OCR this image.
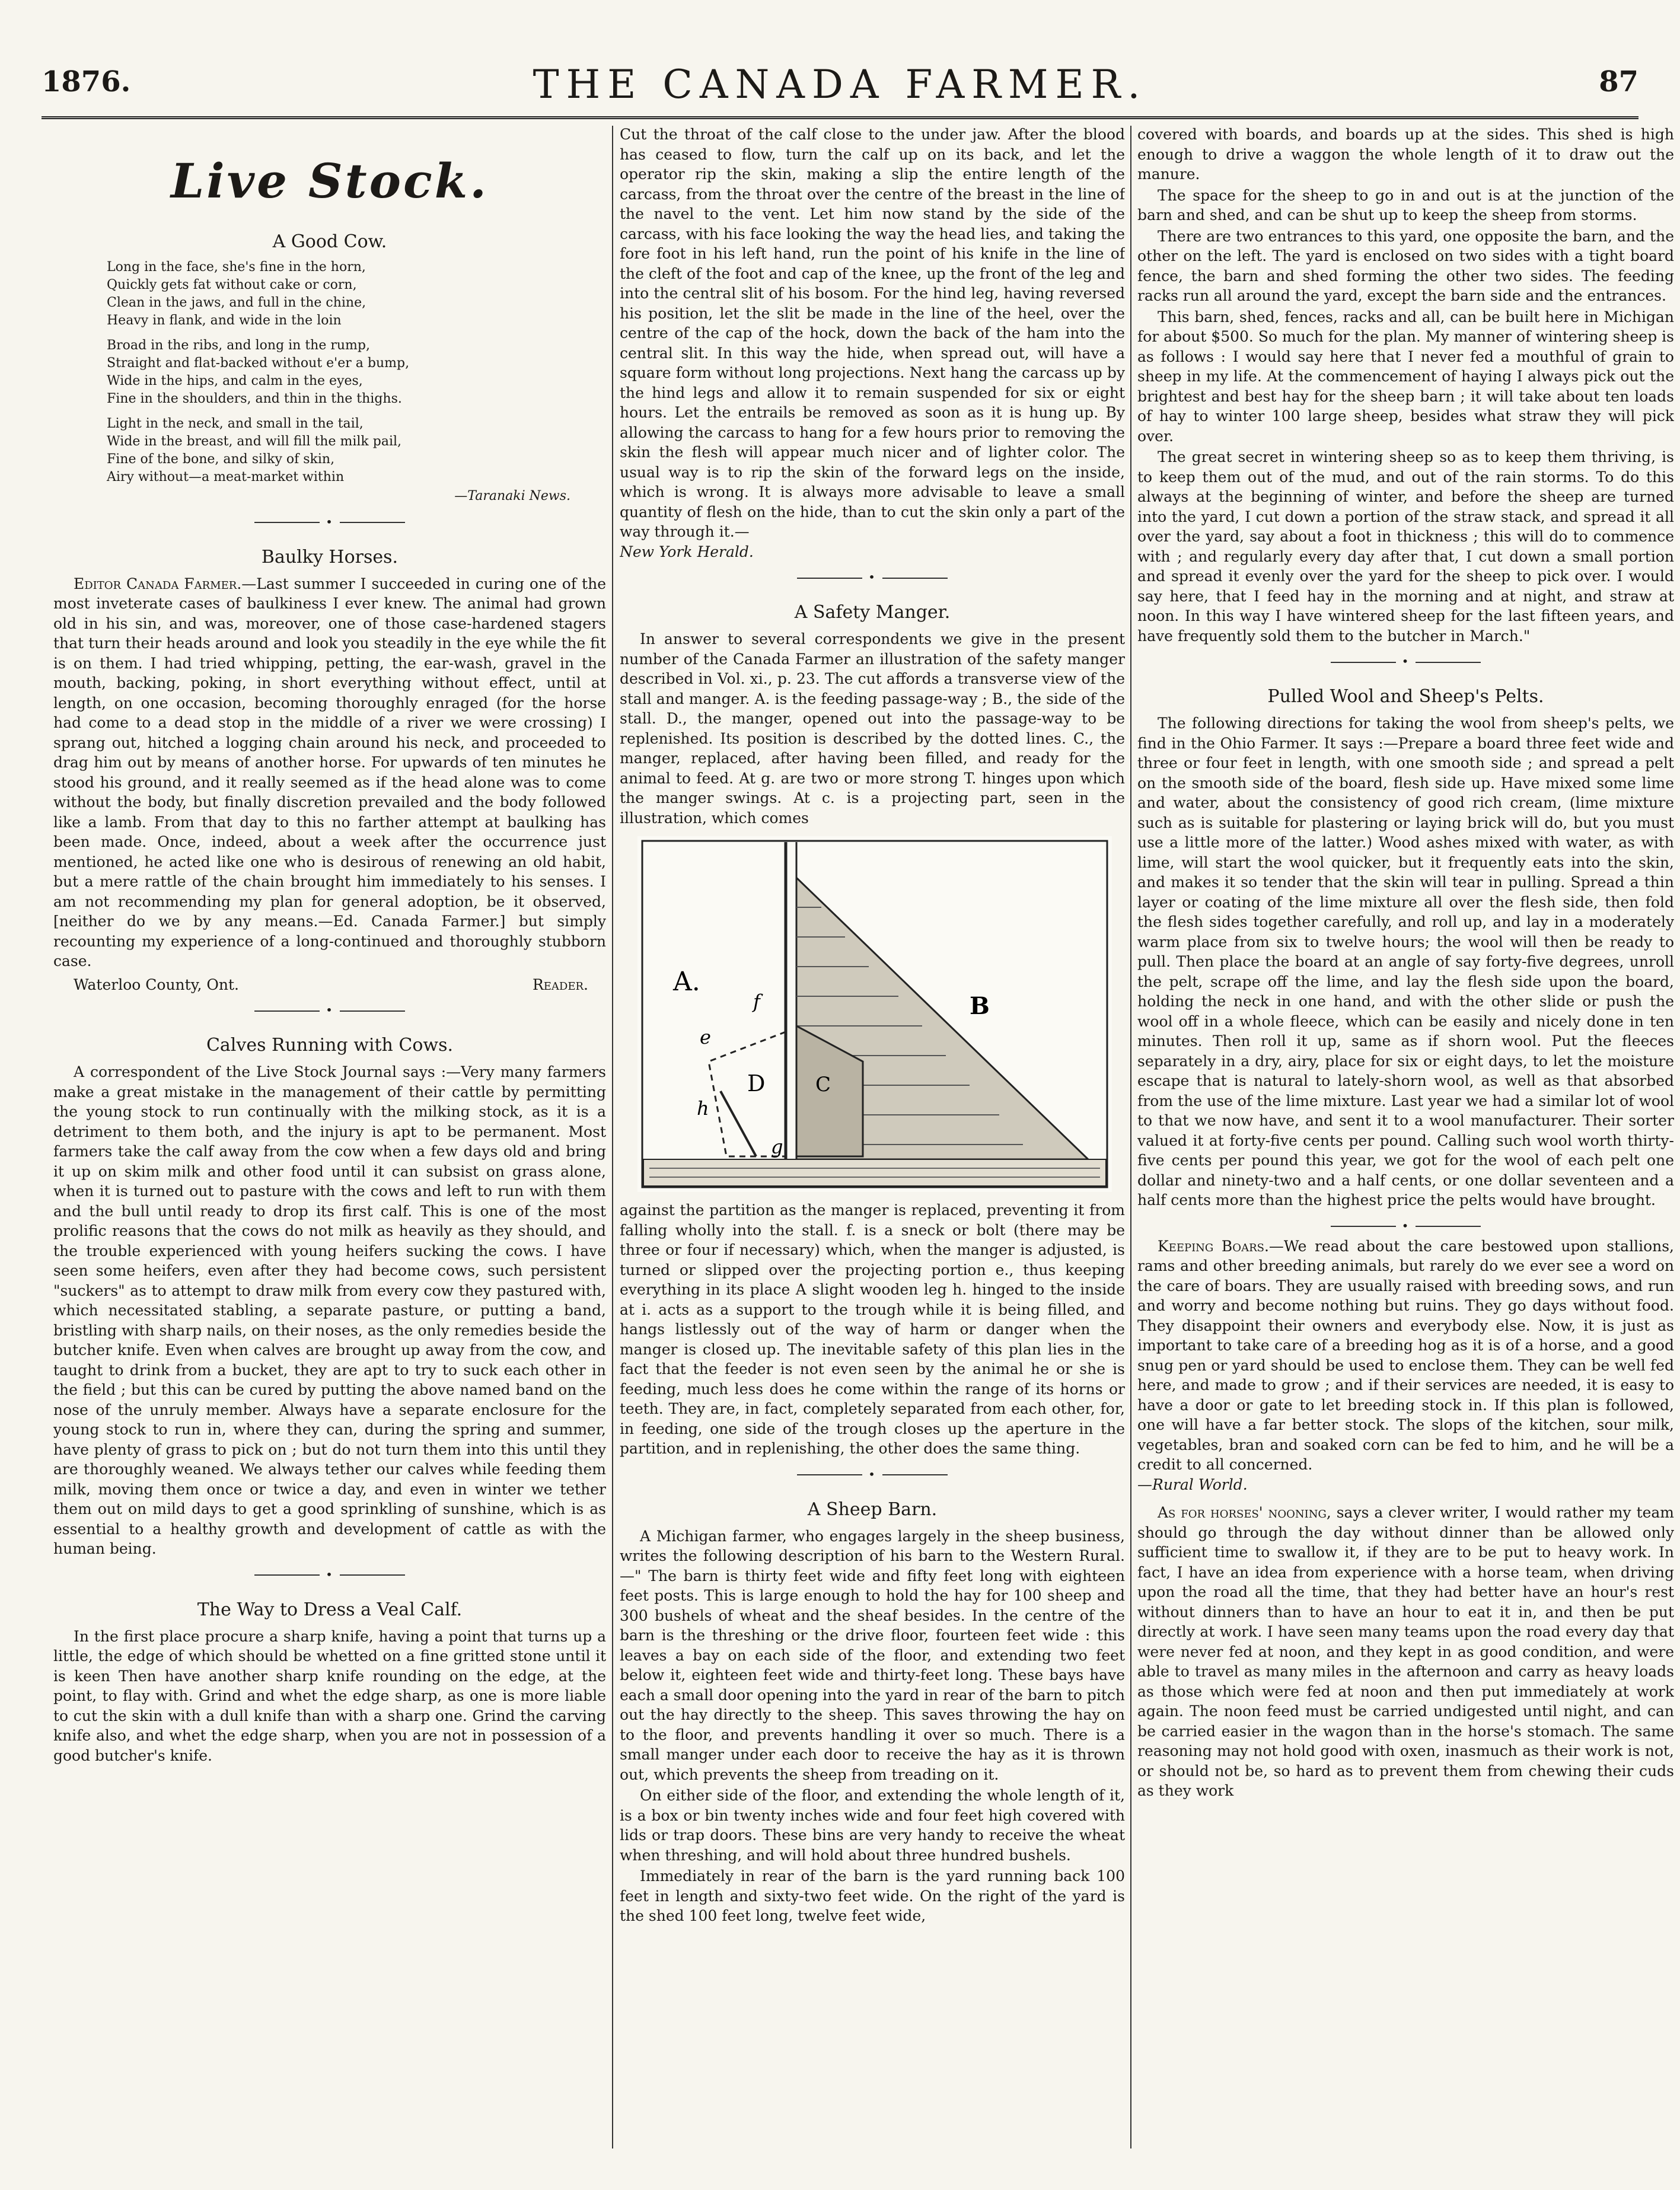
1876.	THE CANADA FARMER.	87
Live Stock.
A Good Cow.
Long in the face, she's fine in the horn,
Quickly gets fat without cake or corn,
Clean in the jaws, and full in the chine,
Heavy in flank, and wide in the loin
Broad in the ribs, and long in the rump,
Straight and flat-backed without e'er a bump,
Wide in the hips, and calm in the eyes,
Fine in the shoulders, and thin in the thighs.
Light in the neck, and small in the tail,
Wide in the breast, and will fill the milk pail,
Fine of the bone, and silky of skin,
Airy without—a meat-market within
—Taranaki News.
•
Baulky Horses.

Editor Canada Farmer.—Last summer I succeeded in curing one of the most inveterate cases of baulkiness I ever knew. The animal had grown old in his sin, and was, moreover, one of those case-hardened stagers that turn their heads around and look you steadily in the eye while the fit is on them. I had tried whipping, petting, the ear-wash, gravel in the mouth, backing, poking, in short everything without effect, until at length, on one occasion, becoming thoroughly enraged (for the horse had come to a dead stop in the middle of a river we were crossing) I sprang out, hitched a logging chain around his neck, and proceeded to drag him out by means of another horse. For upwards of ten minutes he stood his ground, and it really seemed as if the head alone was to come without the body, but finally discretion prevailed and the body followed like a lamb. From that day to this no farther attempt at baulking has been made. Once, indeed, about a week after the occurrence just mentioned, he acted like one who is desirous of renewing an old habit, but a mere rattle of the chain brought him immediately to his senses. I am not recommending my plan for general adoption, be it observed, [neither do we by any means.—Ed. Canada Farmer.] but simply recounting my experience of a long-continued and thoroughly stubborn case.

Waterloo County, Ont.	Reader.
•
Calves Running with Cows.

A correspondent of the Live Stock Journal says :—Very many farmers make a great mistake in the management of their cattle by permitting the young stock to run continually with the milking stock, as it is a detriment to them both, and the injury is apt to be permanent. Most farmers take the calf away from the cow when a few days old and bring it up on skim milk and other food until it can subsist on grass alone, when it is turned out to pasture with the cows and left to run with them and the bull until ready to drop its first calf. This is one of the most prolific reasons that the cows do not milk as heavily as they should, and the trouble experienced with young heifers sucking the cows. I have seen some heifers, even after they had become cows, such persistent "suckers" as to attempt to draw milk from every cow they pastured with, which necessitated stabling, a separate pasture, or putting a band, bristling with sharp nails, on their noses, as the only remedies beside the butcher knife. Even when calves are brought up away from the cow, and taught to drink from a bucket, they are apt to try to suck each other in the field ; but this can be cured by putting the above named band on the nose of the unruly member. Always have a separate enclosure for the young stock to run in, where they can, during the spring and summer, have plenty of grass to pick on ; but do not turn them into this until they are thoroughly weaned. We always tether our calves while feeding them milk, moving them once or twice a day, and even in winter we tether them out on mild days to get a good sprinkling of sunshine, which is as essential to a healthy growth and development of cattle as with the human being.

•
The Way to Dress a Veal Calf.

In the first place procure a sharp knife, having a point that turns up a little, the edge of which should be whetted on a fine gritted stone until it is keen Then have another sharp knife rounding on the edge, at the point, to flay with. Grind and whet the edge sharp, as one is more liable to cut the skin with a dull knife than with a sharp one. Grind the carving knife also, and whet the edge sharp, when you are not in possession of a good butcher's knife.

Cut the throat of the calf close to the under jaw. After the blood has ceased to flow, turn the calf up on its back, and let the operator rip the skin, making a slip the entire length of the carcass, from the throat over the centre of the breast in the line of the navel to the vent. Let him now stand by the side of the carcass, with his face looking the way the head lies, and taking the fore foot in his left hand, run the point of his knife in the line of the cleft of the foot and cap of the knee, up the front of the leg and into the central slit of his bosom. For the hind leg, having reversed his position, let the slit be made in the line of the heel, over the centre of the cap of the hock, down the back of the ham into the central slit. In this way the hide, when spread out, will have a square form without long projections. Next hang the carcass up by the hind legs and allow it to remain suspended for six or eight hours. Let the entrails be removed as soon as it is hung up. By allowing the carcass to hang for a few hours prior to removing the skin the flesh will appear much nicer and of lighter color. The usual way is to rip the skin of the forward legs on the inside, which is wrong. It is always more advisable to leave a small quantity of flesh on the hide, than to cut the skin only a part of the way through it.—
New York Herald.

•
A Safety Manger.

In answer to several correspondents we give in the present number of the Canada Farmer an illustration of the safety manger described in Vol. xi., p. 23. The cut affords a transverse view of the stall and manger. A. is the feeding passage-way ; B., the side of the stall. D., the manger, opened out into the passage-way to be replenished. Its position is described by the dotted lines. C., the manger, replaced, after having been filled, and ready for the animal to feed. At g. are two or more strong T. hinges upon which the manger swings. At c. is a projecting part, seen in the illustration, which comes

A.
B
D C
f
e
h
g

against the partition as the manger is replaced, preventing it from falling wholly into the stall. f. is a sneck or bolt (there may be three or four if necessary) which, when the manger is adjusted, is turned or slipped over the projecting portion e., thus keeping everything in its place A slight wooden leg h. hinged to the inside at i. acts as a support to the trough while it is being filled, and hangs listlessly out of the way of harm or danger when the manger is closed up. The inevitable safety of this plan lies in the fact that the feeder is not even seen by the animal he or she is feeding, much less does he come within the range of its horns or teeth. They are, in fact, completely separated from each other, for, in feeding, one side of the trough closes up the aperture in the partition, and in replenishing, the other does the same thing.

•
A Sheep Barn.

A Michigan farmer, who engages largely in the sheep business, writes the following description of his barn to the Western Rural.—" The barn is thirty feet wide and fifty feet long with eighteen feet posts. This is large enough to hold the hay for 100 sheep and 300 bushels of wheat and the sheaf besides. In the centre of the barn is the threshing or the drive floor, fourteen feet wide : this leaves a bay on each side of the floor, and extending two feet below it, eighteen feet wide and thirty-feet long. These bays have each a small door opening into the yard in rear of the barn to pitch out the hay directly to the sheep. This saves throwing the hay on to the floor, and prevents handling it over so much. There is a small manger under each door to receive the hay as it is thrown out, which prevents the sheep from treading on it.

On either side of the floor, and extending the whole length of it, is a box or bin twenty inches wide and four feet high covered with lids or trap doors. These bins are very handy to receive the wheat when threshing, and will hold about three hundred bushels.

Immediately in rear of the barn is the yard running back 100 feet in length and sixty-two feet wide. On the right of the yard is the shed 100 feet long, twelve feet wide,

covered with boards, and boards up at the sides. This shed is high enough to drive a waggon the whole length of it to draw out the manure.

The space for the sheep to go in and out is at the junction of the barn and shed, and can be shut up to keep the sheep from storms.

There are two entrances to this yard, one opposite the barn, and the other on the left. The yard is enclosed on two sides with a tight board fence, the barn and shed forming the other two sides. The feeding racks run all around the yard, except the barn side and the entrances.

This barn, shed, fences, racks and all, can be built here in Michigan for about $500. So much for the plan. My manner of wintering sheep is as follows : I would say here that I never fed a mouthful of grain to sheep in my life. At the commencement of haying I always pick out the brightest and best hay for the sheep barn ; it will take about ten loads of hay to winter 100 large sheep, besides what straw they will pick over.

The great secret in wintering sheep so as to keep them thriving, is to keep them out of the mud, and out of the rain storms. To do this always at the beginning of winter, and before the sheep are turned into the yard, I cut down a portion of the straw stack, and spread it all over the yard, say about a foot in thickness ; this will do to commence with ; and regularly every day after that, I cut down a small portion and spread it evenly over the yard for the sheep to pick over. I would say here, that I feed hay in the morning and at night, and straw at noon. In this way I have wintered sheep for the last fifteen years, and have frequently sold them to the butcher in March."

•
Pulled Wool and Sheep's Pelts.

The following directions for taking the wool from sheep's pelts, we find in the Ohio Farmer. It says :—Prepare a board three feet wide and three or four feet in length, with one smooth side ; and spread a pelt on the smooth side of the board, flesh side up. Have mixed some lime and water, about the consistency of good rich cream, (lime mixture such as is suitable for plastering or laying brick will do, but you must use a little more of the latter.) Wood ashes mixed with water, as with lime, will start the wool quicker, but it frequently eats into the skin, and makes it so tender that the skin will tear in pulling. Spread a thin layer or coating of the lime mixture all over the flesh side, then fold the flesh sides together carefully, and roll up, and lay in a moderately warm place from six to twelve hours; the wool will then be ready to pull. Then place the board at an angle of say forty-five degrees, unroll the pelt, scrape off the lime, and lay the flesh side upon the board, holding the neck in one hand, and with the other slide or push the wool off in a whole fleece, which can be easily and nicely done in ten minutes. Then roll it up, same as if shorn wool. Put the fleeces separately in a dry, airy, place for six or eight days, to let the moisture escape that is natural to lately-shorn wool, as well as that absorbed from the use of the lime mixture. Last year we had a similar lot of wool to that we now have, and sent it to a wool manufacturer. Their sorter valued it at forty-five cents per pound. Calling such wool worth thirty-five cents per pound this year, we got for the wool of each pelt one dollar and ninety-two and a half cents, or one dollar seventeen and a half cents more than the highest price the pelts would have brought.

•

Keeping Boars.—We read about the care bestowed upon stallions, rams and other breeding animals, but rarely do we ever see a word on the care of boars. They are usually raised with breeding sows, and run and worry and become nothing but ruins. They go days without food. They disappoint their owners and everybody else. Now, it is just as important to take care of a breeding hog as it is of a horse, and a good snug pen or yard should be used to enclose them. They can be well fed here, and made to grow ; and if their services are needed, it is easy to have a door or gate to let breeding stock in. If this plan is followed, one will have a far better stock. The slops of the kitchen, sour milk, vegetables, bran and soaked corn can be fed to him, and he will be a credit to all concerned.
—Rural World.

As for horses' nooning, says a clever writer, I would rather my team should go through the day without dinner than be allowed only sufficient time to swallow it, if they are to be put to heavy work. In fact, I have an idea from experience with a horse team, when driving upon the road all the time, that they had better have an hour's rest without dinners than to have an hour to eat it in, and then be put directly at work. I have seen many teams upon the road every day that were never fed at noon, and they kept in as good condition, and were able to travel as many miles in the afternoon and carry as heavy loads as those which were fed at noon and then put immediately at work again. The noon feed must be carried undigested until night, and can be carried easier in the wagon than in the horse's stomach. The same reasoning may not hold good with oxen, inasmuch as their work is not, or should not be, so hard as to prevent them from chewing their cuds as they work
